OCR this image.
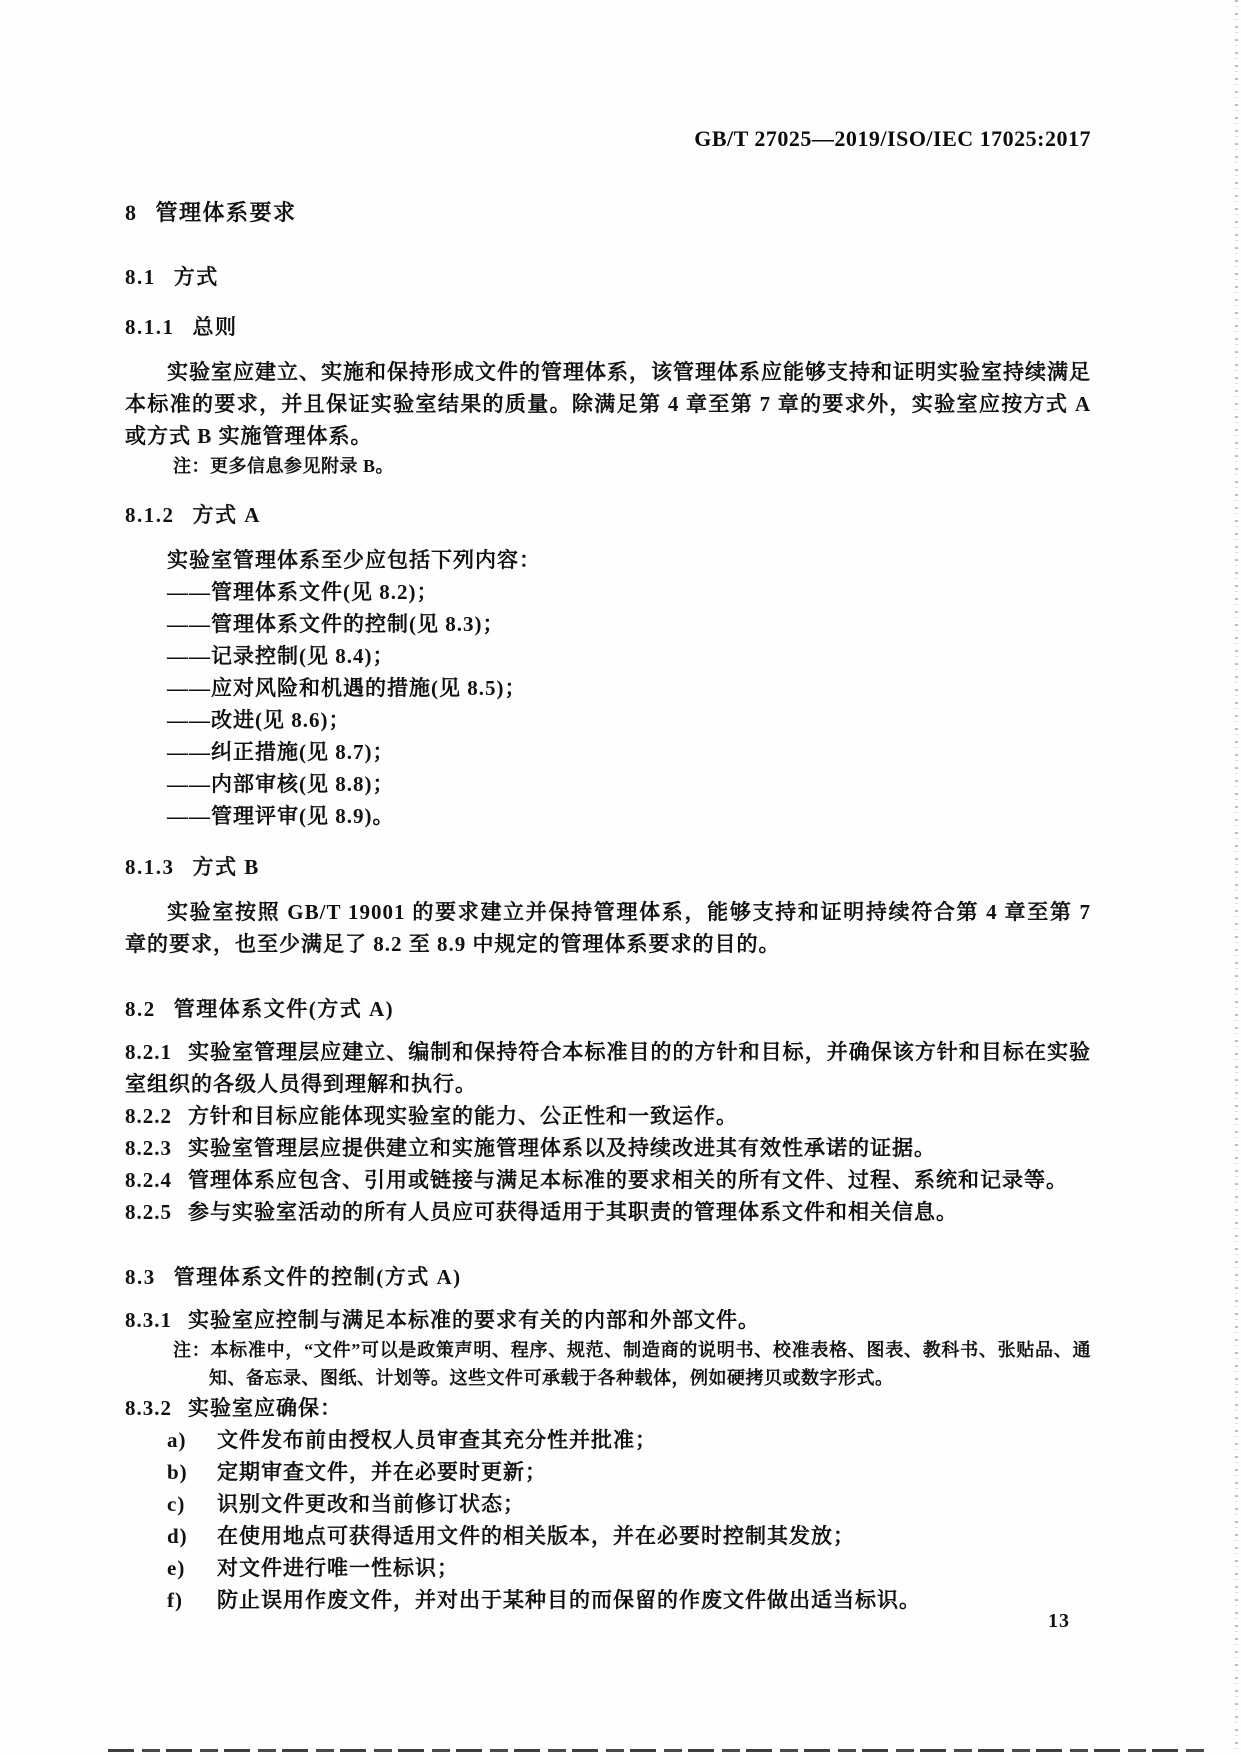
GB/T 27025—2019/ISO/IEC 17025:2017
8 管理体系要求
8.1 方式
8.1.1 总则

实验室应建立、实施和保持形成文件的管理体系，该管理体系应能够支持和证明实验室持续满足本标准的要求，并且保证实验室结果的质量。除满足第 4 章至第 7 章的要求外，实验室应按方式 A 或方式 B 实施管理体系。

注：更多信息参见附录 B。

8.1.2 方式 A

实验室管理体系至少应包括下列内容：

——管理体系文件(见 8.2)；

——管理体系文件的控制(见 8.3)；

——记录控制(见 8.4)；

——应对风险和机遇的措施(见 8.5)；

——改进(见 8.6)；

——纠正措施(见 8.7)；

——内部审核(见 8.8)；

——管理评审(见 8.9)。

8.1.3 方式 B

实验室按照 GB/T 19001 的要求建立并保持管理体系，能够支持和证明持续符合第 4 章至第 7 章的要求，也至少满足了 8.2 至 8.9 中规定的管理体系要求的目的。

8.2 管理体系文件(方式 A)

8.2.1 实验室管理层应建立、编制和保持符合本标准目的的方针和目标，并确保该方针和目标在实验室组织的各级人员得到理解和执行。

8.2.2 方针和目标应能体现实验室的能力、公正性和一致运作。

8.2.3 实验室管理层应提供建立和实施管理体系以及持续改进其有效性承诺的证据。

8.2.4 管理体系应包含、引用或链接与满足本标准的要求相关的所有文件、过程、系统和记录等。

8.2.5 参与实验室活动的所有人员应可获得适用于其职责的管理体系文件和相关信息。

8.3 管理体系文件的控制(方式 A)

8.3.1 实验室应控制与满足本标准的要求有关的内部和外部文件。

注：本标准中，“文件”可以是政策声明、程序、规范、制造商的说明书、校准表格、图表、教科书、张贴品、通知、备忘录、图纸、计划等。这些文件可承载于各种载体，例如硬拷贝或数字形式。

8.3.2 实验室应确保：

a) 文件发布前由授权人员审查其充分性并批准；

b) 定期审查文件，并在必要时更新；

c) 识别文件更改和当前修订状态；

d) 在使用地点可获得适用文件的相关版本，并在必要时控制其发放；

e) 对文件进行唯一性标识；

f) 防止误用作废文件，并对出于某种目的而保留的作废文件做出适当标识。

13
